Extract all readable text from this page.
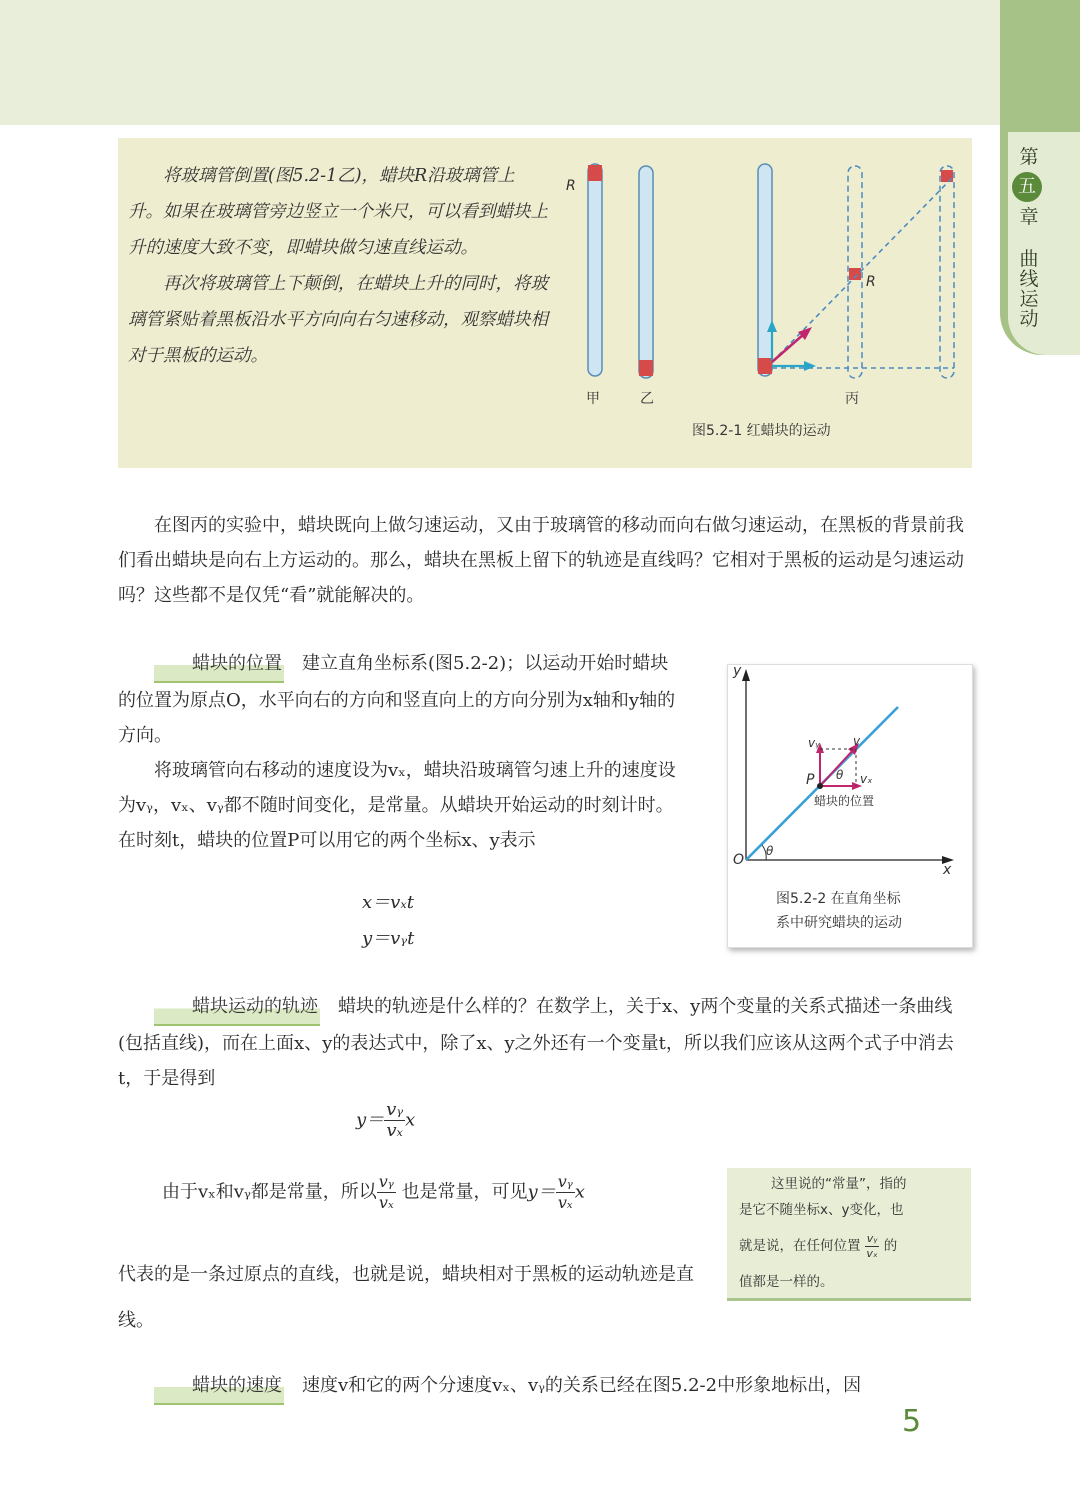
第
五
章
曲
线
运
动

将玻璃管倒置(图5.2-1乙)，蜡块R沿玻璃管上升。如果在玻璃管旁边竖立一个米尺，可以看到蜡块上升的速度大致不变，即蜡块做匀速直线运动。

再次将玻璃管上下颠倒，在蜡块上升的同时，将玻璃管紧贴着黑板沿水平方向向右匀速移动，观察蜡块相对于黑板的运动。

R
R
甲	乙	丙
图5.2-1 红蜡块的运动

在图丙的实验中，蜡块既向上做匀速运动，又由于玻璃管的移动而向右做匀速运动，在黑板的背景前我们看出蜡块是向右上方运动的。那么，蜡块在黑板上留下的轨迹是直线吗？它相对于黑板的运动是匀速运动吗？这些都不是仅凭“看”就能解决的。

蜡块的位置 建立直角坐标系(图5.2-2)；以运动开始时蜡块的位置为原点O，水平向右的方向和竖直向上的方向分别为x轴和y轴的方向。

将玻璃管向右移动的速度设为vₓ，蜡块沿玻璃管匀速上升的速度设为vᵧ，vₓ、vᵧ都不随时间变化，是常量。从蜡块开始运动的时刻计时。在时刻t，蜡块的位置P可以用它的两个坐标x、y表示

x＝vₓt
y＝vᵧt
y
x
O
P
θ
θ
v
vᵧ
vₓ
蜡块的位置
图5.2-2 在直角坐标
系中研究蜡块的运动

蜡块运动的轨迹 蜡块的轨迹是什么样的？在数学上，关于x、y两个变量的关系式描述一条曲线(包括直线)，而在上面x、y的表达式中，除了x、y之外还有一个变量t，所以我们应该从这两个式子中消去t，于是得到

$y= \frac{\text{vᵧ}}{\text{vₓ}}$ x
由于vₓ和vᵧ都是常量，所以 $\frac{\text{vᵧ}}{\text{vₓ}}$ 也是常量，可见$y= \frac{\text{vᵧ}}{\text{vₓ}}$ x

代表的是一条过原点的直线，也就是说，蜡块相对于黑板的运动轨迹是直线。

这里说的“常量”，指的
是它不随坐标x、y变化，也
就是说，在任何位置 $\frac{\text{vᵧ}}{\text{vₓ}}$ 的
值都是一样的。

蜡块的速度 速度v和它的两个分速度vₓ、vᵧ的关系已经在图5.2-2中形象地标出，因

5
